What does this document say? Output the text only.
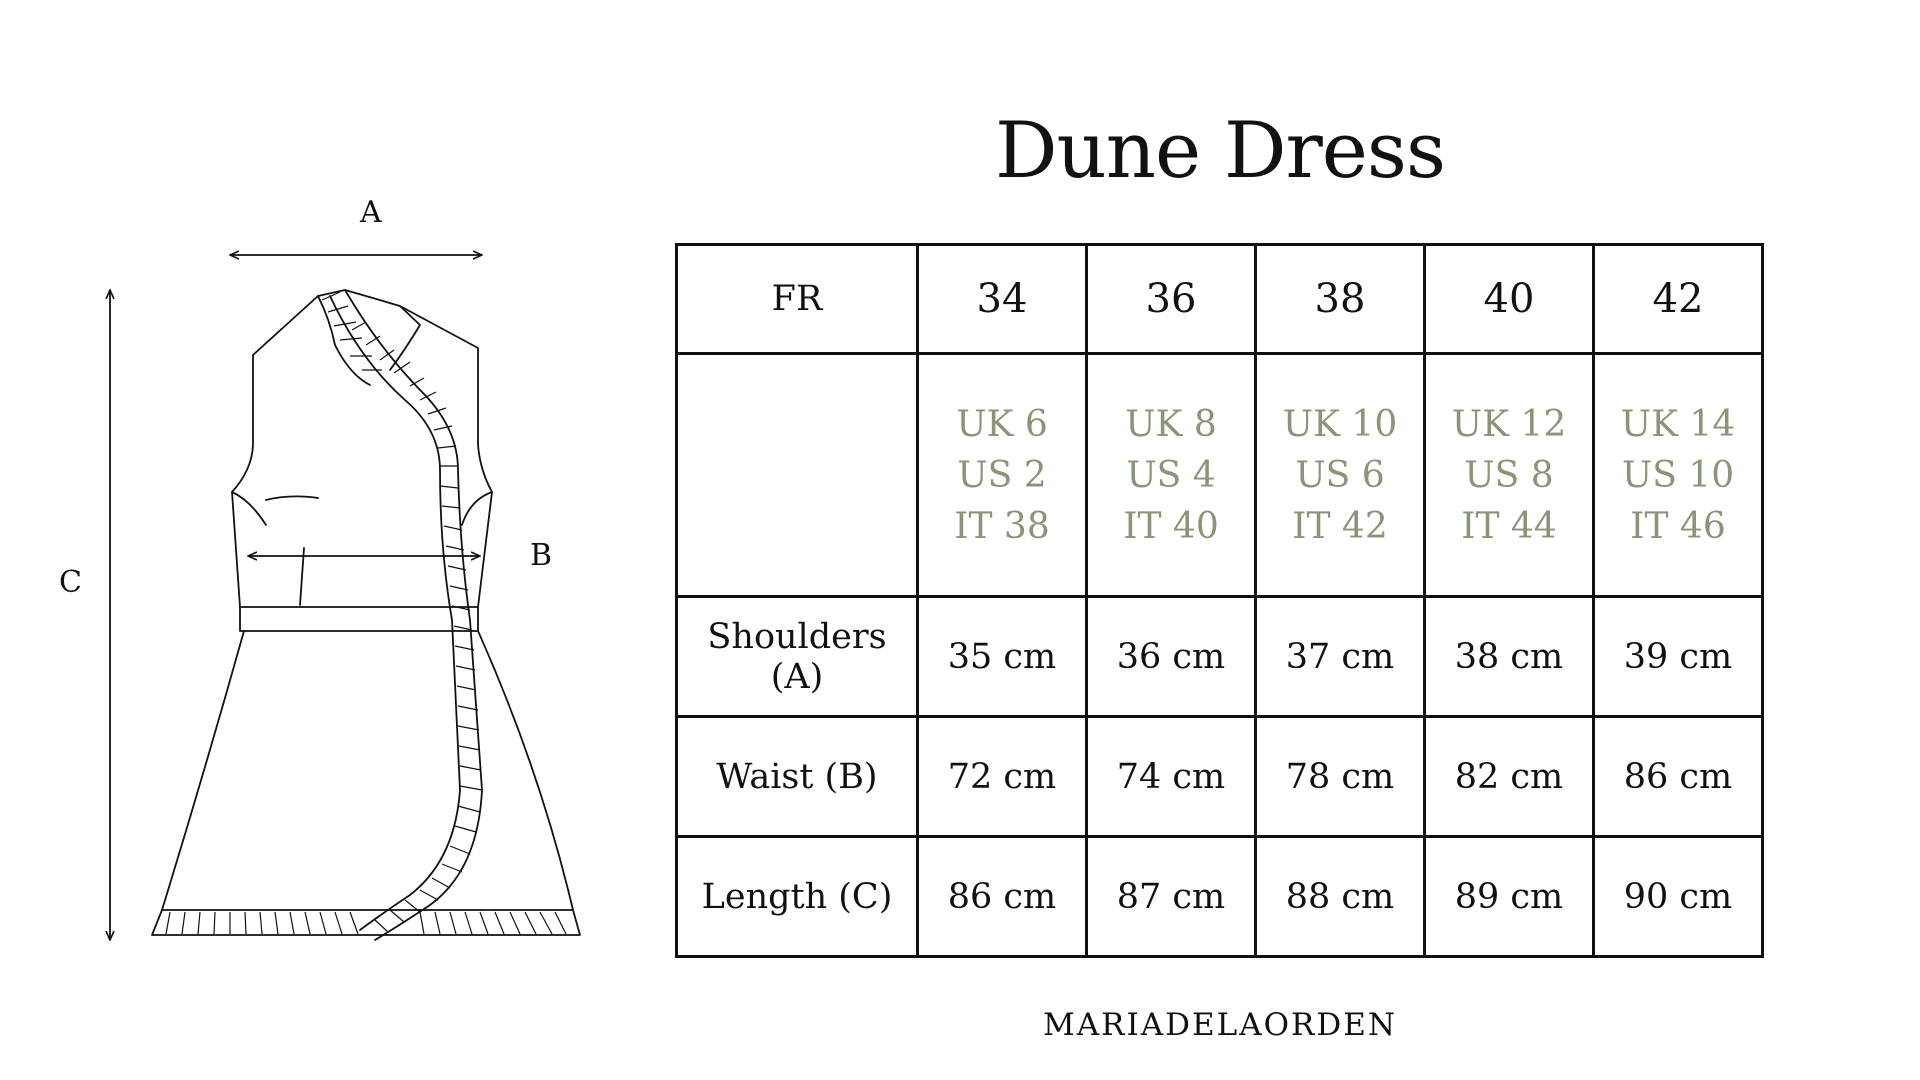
Dune Dress
A
B
C
FR	34	36	38	40	42

	UK 6
US 2
IT 38	UK 8
US 4
IT 40	UK 10
US 6
IT 42	UK 12
US 8
IT 44	UK 14
US 10
IT 46

Shoulders (A)	35 cm	36 cm	37 cm	38 cm	39 cm
Waist (B)	72 cm	74 cm	78 cm	82 cm	86 cm
Length (C)	86 cm	87 cm	88 cm	89 cm	90 cm
MARIADELAORDEN
